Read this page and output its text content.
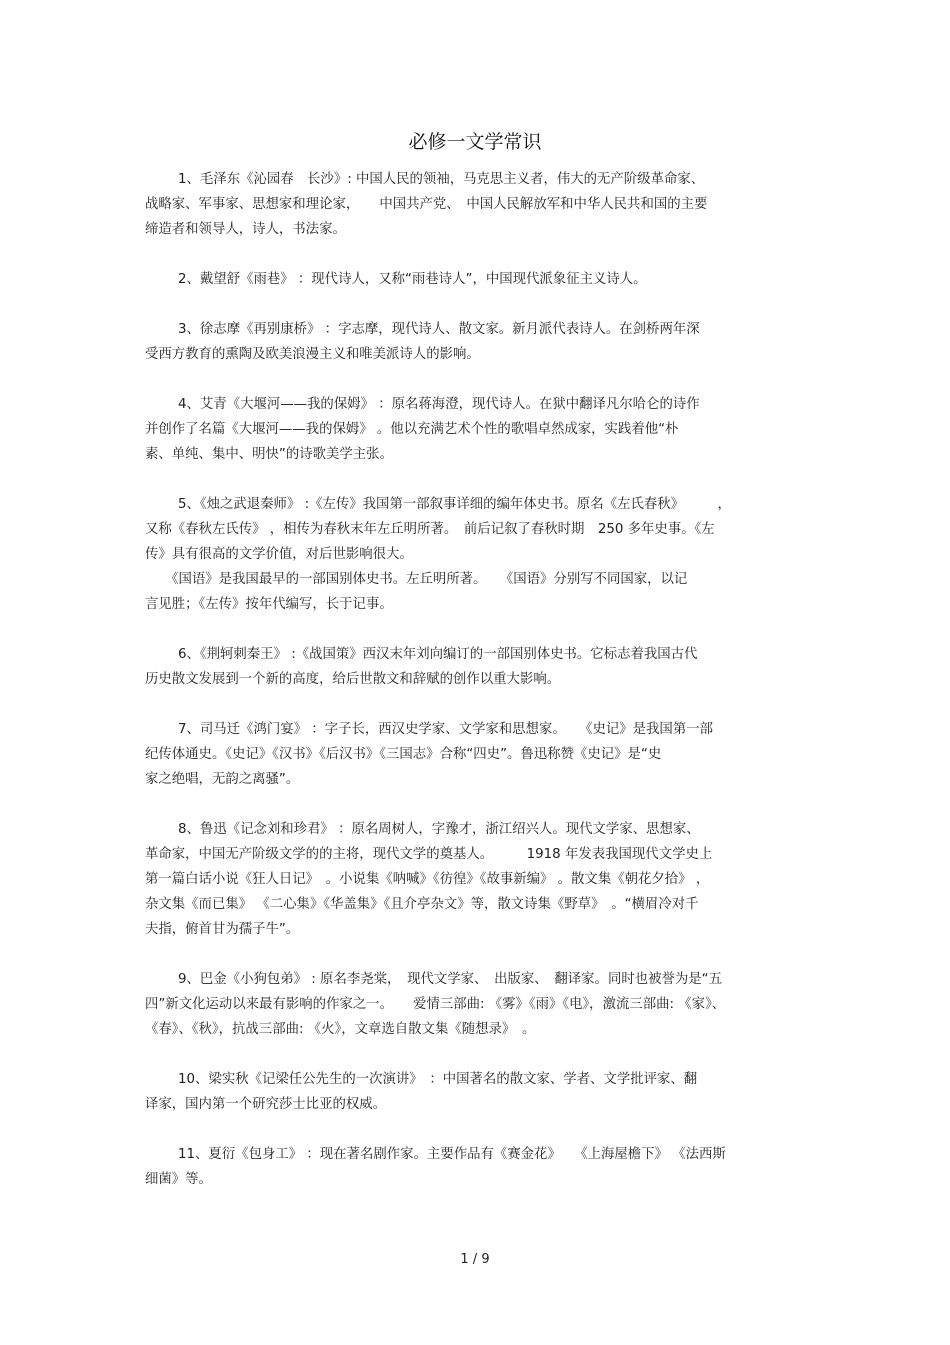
必修一文学常识
1、毛泽东《沁园春　长沙》: 中国人民的领袖，马克思主义者，伟大的无产阶级革命家、
战略家、军事家、思想家和理论家，　　中国共产党、　中国人民解放军和中华人民共和国的主要
缔造者和领导人，诗人，书法家。
2、戴望舒《雨巷》 ：现代诗人，又称“雨巷诗人”，中国现代派象征主义诗人。
3、徐志摩《再别康桥》 ：字志摩，现代诗人、散文家。新月派代表诗人。在剑桥两年深
受西方教育的熏陶及欧美浪漫主义和唯美派诗人的影响。
4、艾青《大堰河——我的保姆》 ：原名蒋海澄，现代诗人。在狱中翻译凡尔哈仑的诗作
并创作了名篇《大堰河——我的保姆》 。他以充满艺术个性的歌唱卓然成家，实践着他“朴
素、单纯、集中、明快”的诗歌美学主张。
5、《烛之武退秦师》 :《左传》我国第一部叙事详细的编年体史书。原名《左氏春秋》　　　，
又称《春秋左氏传》 ，相传为春秋末年左丘明所著。　前后记叙了春秋时期　250 多年史事。《左
传》具有很高的文学价值，对后世影响很大。
　　《国语》是我国最早的一部国别体史书。左丘明所著。　　《国语》分别写不同国家，以记
言见胜；《左传》按年代编写，长于记事。
6、《荆轲刺秦王》 :《战国策》西汉末年刘向编订的一部国别体史书。它标志着我国古代
历史散文发展到一个新的高度，给后世散文和辞赋的创作以重大影响。
7、司马迁《鸿门宴》 ：字子长，西汉史学家、文学家和思想家。　　《史记》是我国第一部
纪传体通史。《史记》《汉书》《后汉书》《三国志》合称“四史”。鲁迅称赞《史记》是“史
家之绝唱，无韵之离骚”。
8、鲁迅《记念刘和珍君》 ：原名周树人，字豫才，浙江绍兴人。现代文学家、思想家、
革命家，中国无产阶级文学的的主将，现代文学的奠基人。　　　1918 年发表我国现代文学史上
第一篇白话小说《狂人日记》　。小说集《呐喊》《彷徨》《故事新编》 。散文集《朝花夕拾》 ，
杂文集《而已集》 《二心集》《华盖集》《且介亭杂文》等，散文诗集《野草》　。“横眉冷对千
夫指，俯首甘为孺子牛”。
9、巴金《小狗包弟》 : 原名李尧棠，　现代文学家、　出版家、　翻译家。同时也被誉为是“五
四”新文化运动以来最有影响的作家之一。　　爱情三部曲: 《雾》《雨》《电》，激流三部曲: 《家》、
《春》、《秋》，抗战三部曲: 《火》，文章选自散文集《随想录》　。
10、梁实秋《记梁任公先生的一次演讲》　：中国著名的散文家、学者、文学批评家、翻
译家，国内第一个研究莎士比亚的权威。
11、夏衍《包身工》 ：现在著名剧作家。主要作品有《赛金花》　　《上海屋檐下》 《法西斯
细菌》等。
1 / 9
